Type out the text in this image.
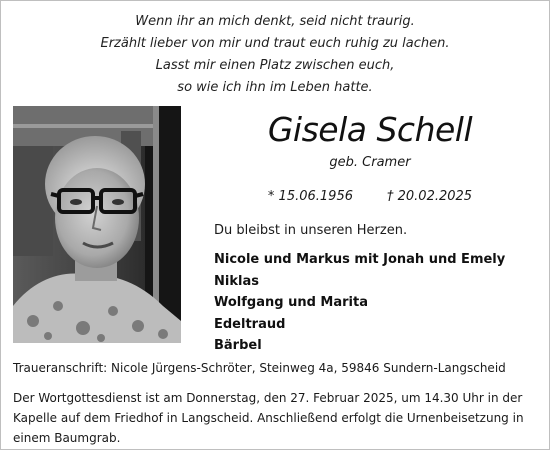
Wenn ihr an mich denkt, seid nicht traurig.
Erzählt lieber von mir und traut euch ruhig zu lachen.
Lasst mir einen Platz zwischen euch,
so wie ich ihn im Leben hatte.
Gisela Schell
geb. Cramer
* 15.06.1956	† 20.02.2025
Du bleibst in unseren Herzen.
Nicole und Markus mit Jonah und Emely
Niklas
Wolfgang und Marita
Edeltraud
Bärbel
Traueranschrift: Nicole Jürgens-Schröter, Steinweg 4a, 59846 Sundern-Langscheid
Der Wortgottesdienst ist am Donnerstag, den 27. Februar 2025, um 14.30 Uhr in der
Kapelle auf dem Friedhof in Langscheid. Anschließend erfolgt die Urnenbeisetzung in
einem Baumgrab.
